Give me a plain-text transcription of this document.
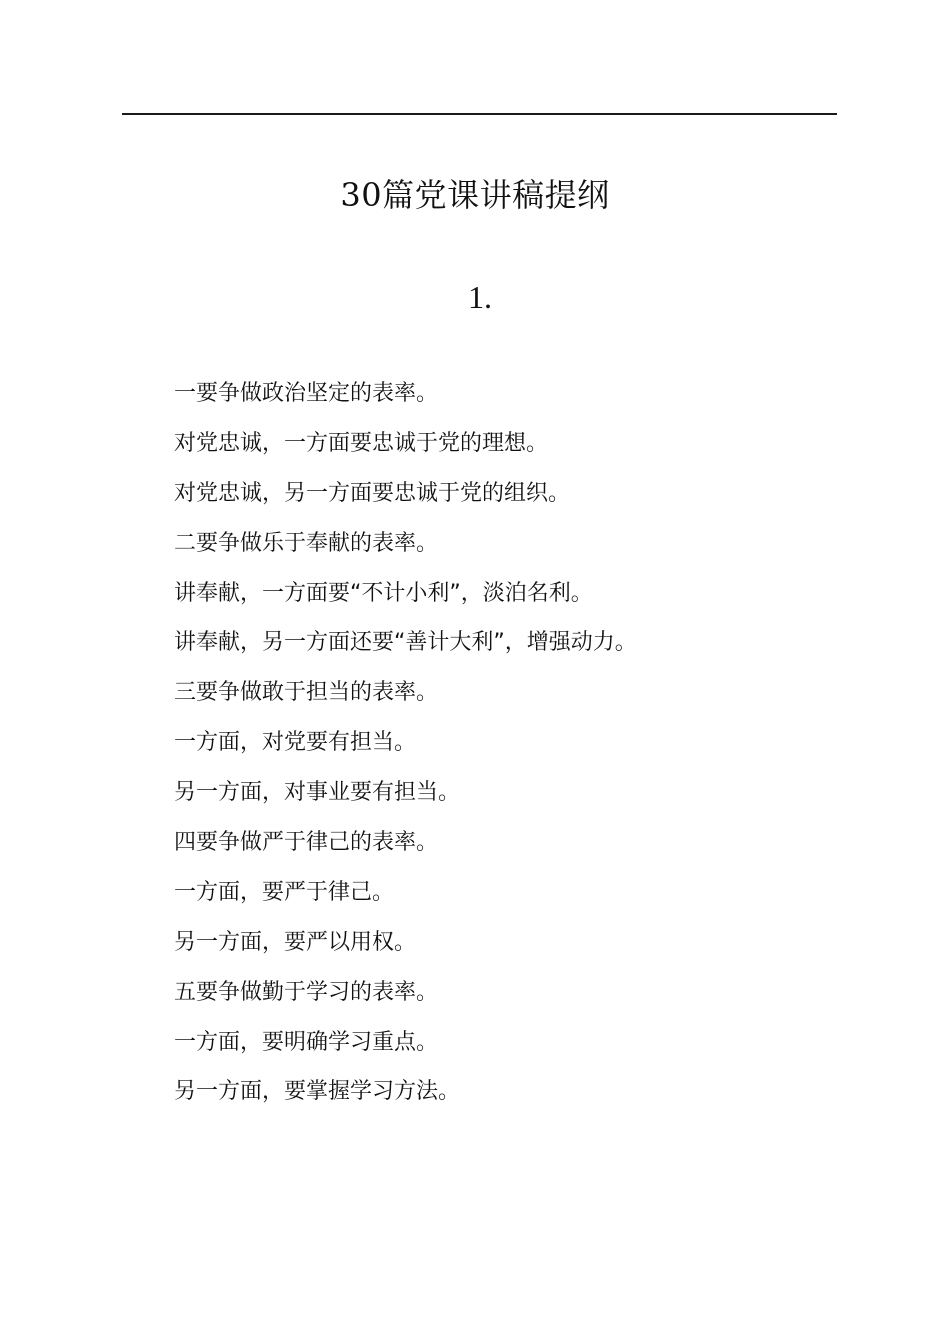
30篇党课讲稿提纲
1.
一要争做政治坚定的表率。
对党忠诚，一方面要忠诚于党的理想。
对党忠诚，另一方面要忠诚于党的组织。
二要争做乐于奉献的表率。
讲奉献，一方面要“不计小利”，淡泊名利。
讲奉献，另一方面还要“善计大利”，增强动力。
三要争做敢于担当的表率。
一方面，对党要有担当。
另一方面，对事业要有担当。
四要争做严于律己的表率。
一方面，要严于律己。
另一方面，要严以用权。
五要争做勤于学习的表率。
一方面，要明确学习重点。
另一方面，要掌握学习方法。
